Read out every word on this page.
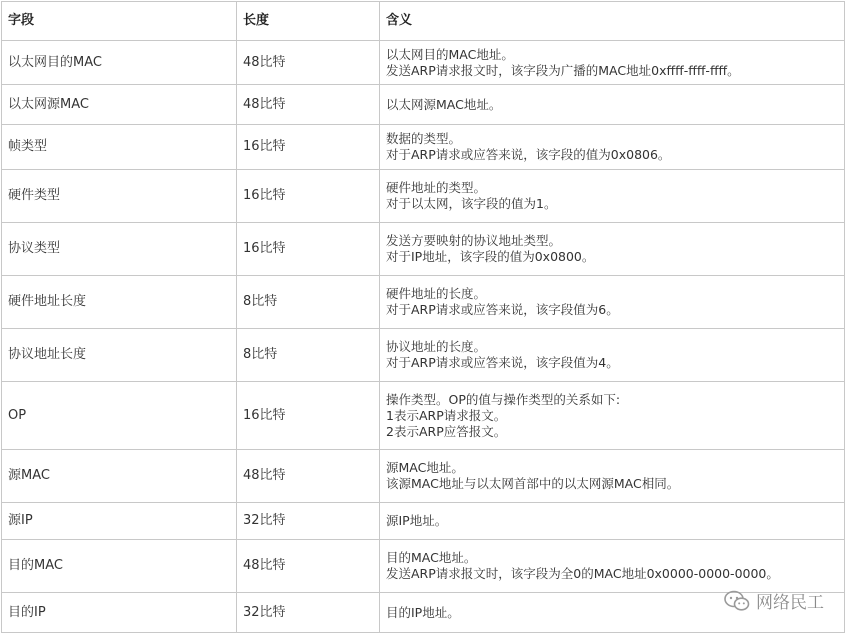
字段	长度	含义
以太网目的MAC	48比特	以太网目的MAC地址。
发送ARP请求报文时，该字段为广播的MAC地址0xffff-ffff-ffff。

以太网源MAC	48比特	以太网源MAC地址。

帧类型	16比特	数据的类型。
对于ARP请求或应答来说，该字段的值为0x0806。

硬件类型	16比特	硬件地址的类型。
对于以太网，该字段的值为1。

协议类型	16比特	发送方要映射的协议地址类型。
对于IP地址，该字段的值为0x0800。

硬件地址长度	8比特	硬件地址的长度。
对于ARP请求或应答来说，该字段值为6。

协议地址长度	8比特	协议地址的长度。
对于ARP请求或应答来说，该字段值为4。

OP	16比特	操作类型。OP的值与操作类型的关系如下:
1表示ARP请求报文。
2表示ARP应答报文。

源MAC	48比特	源MAC地址。
该源MAC地址与以太网首部中的以太网源MAC相同。

源IP	32比特	源IP地址。

目的MAC	48比特	目的MAC地址。
发送ARP请求报文时，该字段为全0的MAC地址0x0000-0000-0000。

目的IP	32比特	目的IP地址。	网络民工
